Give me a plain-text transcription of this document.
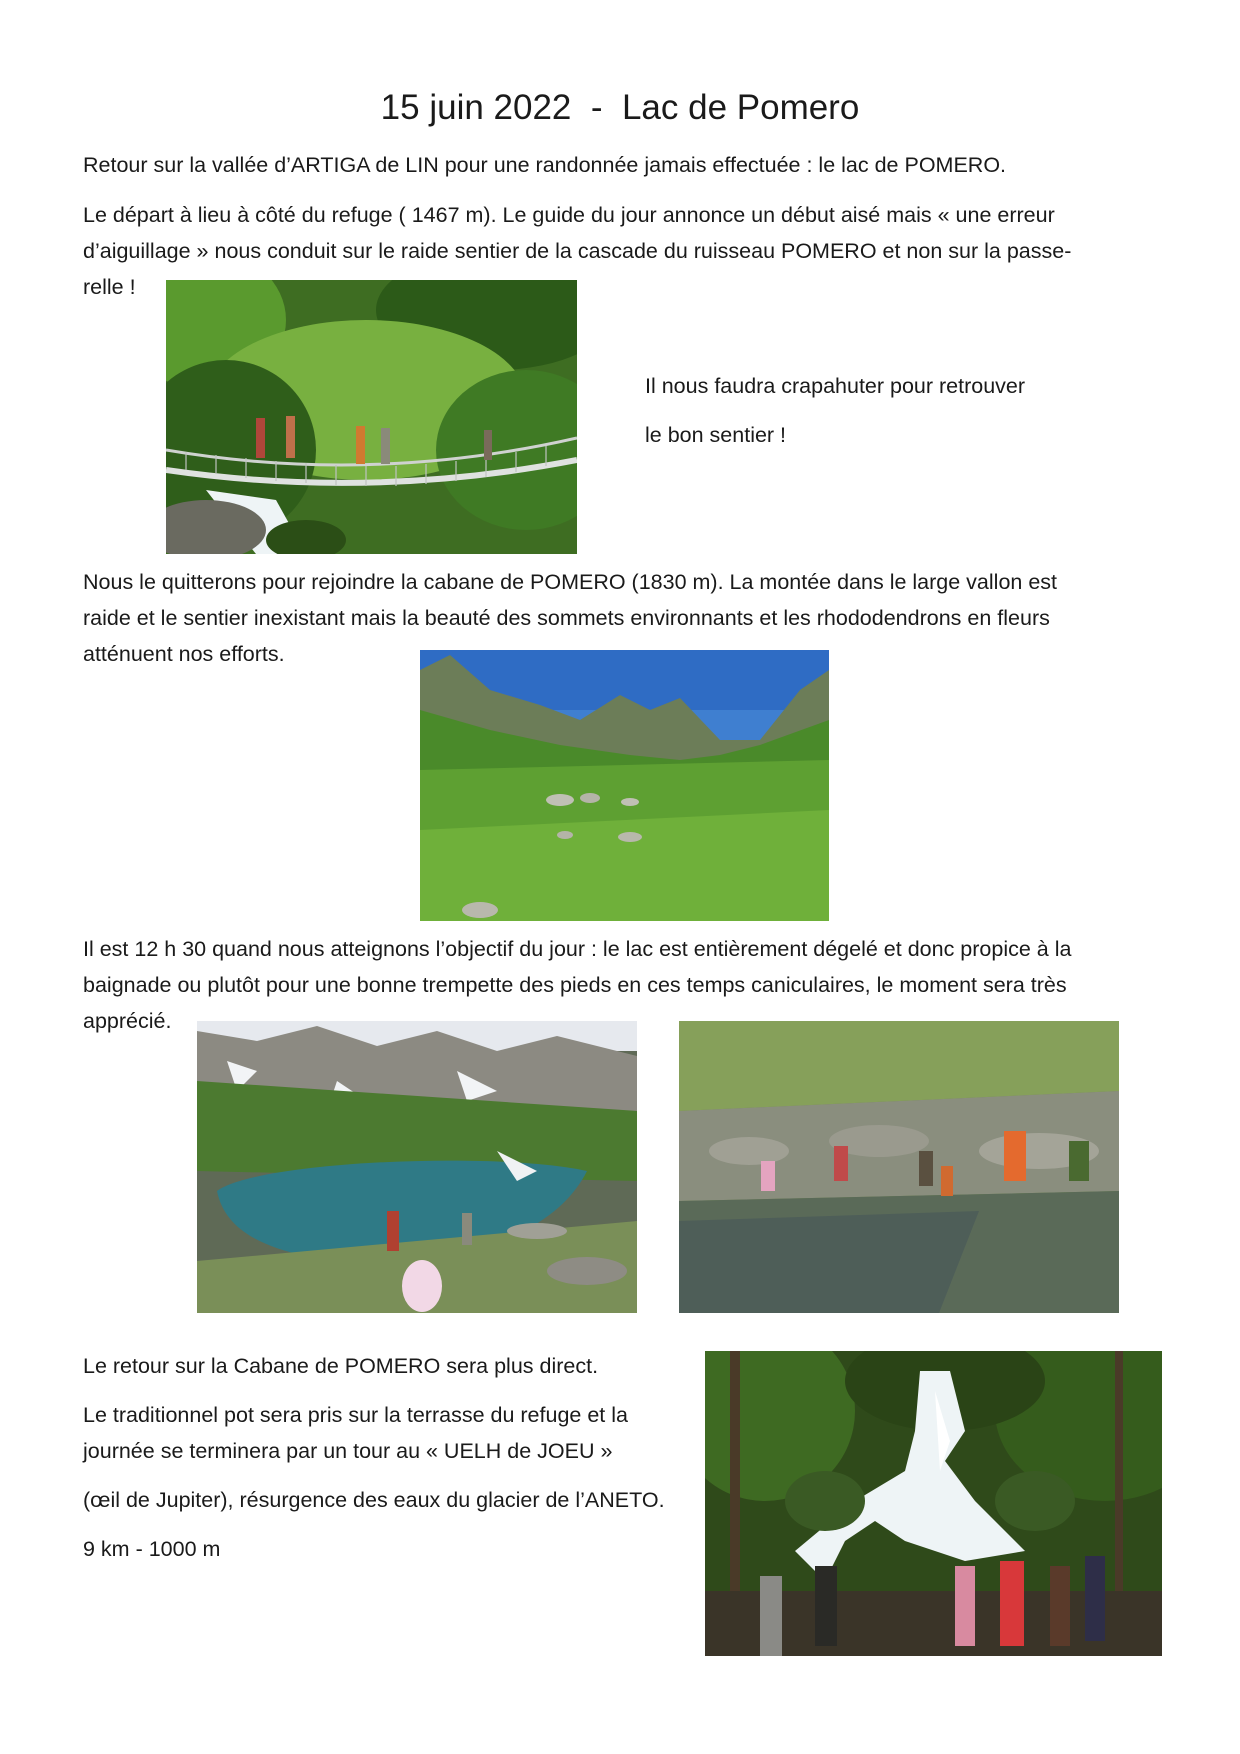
15 juin 2022  -  Lac de Pomero
Retour sur la vallée d’ARTIGA de LIN pour une randonnée jamais effectuée : le lac de POMERO.
Le départ à lieu à côté du refuge ( 1467 m). Le guide du jour annonce un début aisé mais « une erreur
d’aiguillage » nous conduit sur le raide sentier de la cascade du ruisseau POMERO et non sur la passe-
relle !
Il nous faudra crapahuter pour retrouver
le bon sentier !
Nous le quitterons pour rejoindre la cabane de POMERO (1830 m). La montée dans le large vallon est
raide et le sentier inexistant mais la beauté des sommets environnants et les rhododendrons en fleurs
atténuent nos efforts.
Il est 12 h 30 quand nous atteignons l’objectif du jour : le lac est entièrement dégelé et donc propice à la
baignade ou plutôt pour une bonne trempette des pieds en ces temps caniculaires, le moment sera très
apprécié.
Le retour sur la Cabane de POMERO sera plus direct.
Le traditionnel pot sera pris sur la terrasse du refuge et la
journée se terminera par un tour au « UELH de JOEU »
(œil de Jupiter), résurgence des eaux du glacier de l’ANETO.
9 km - 1000 m
